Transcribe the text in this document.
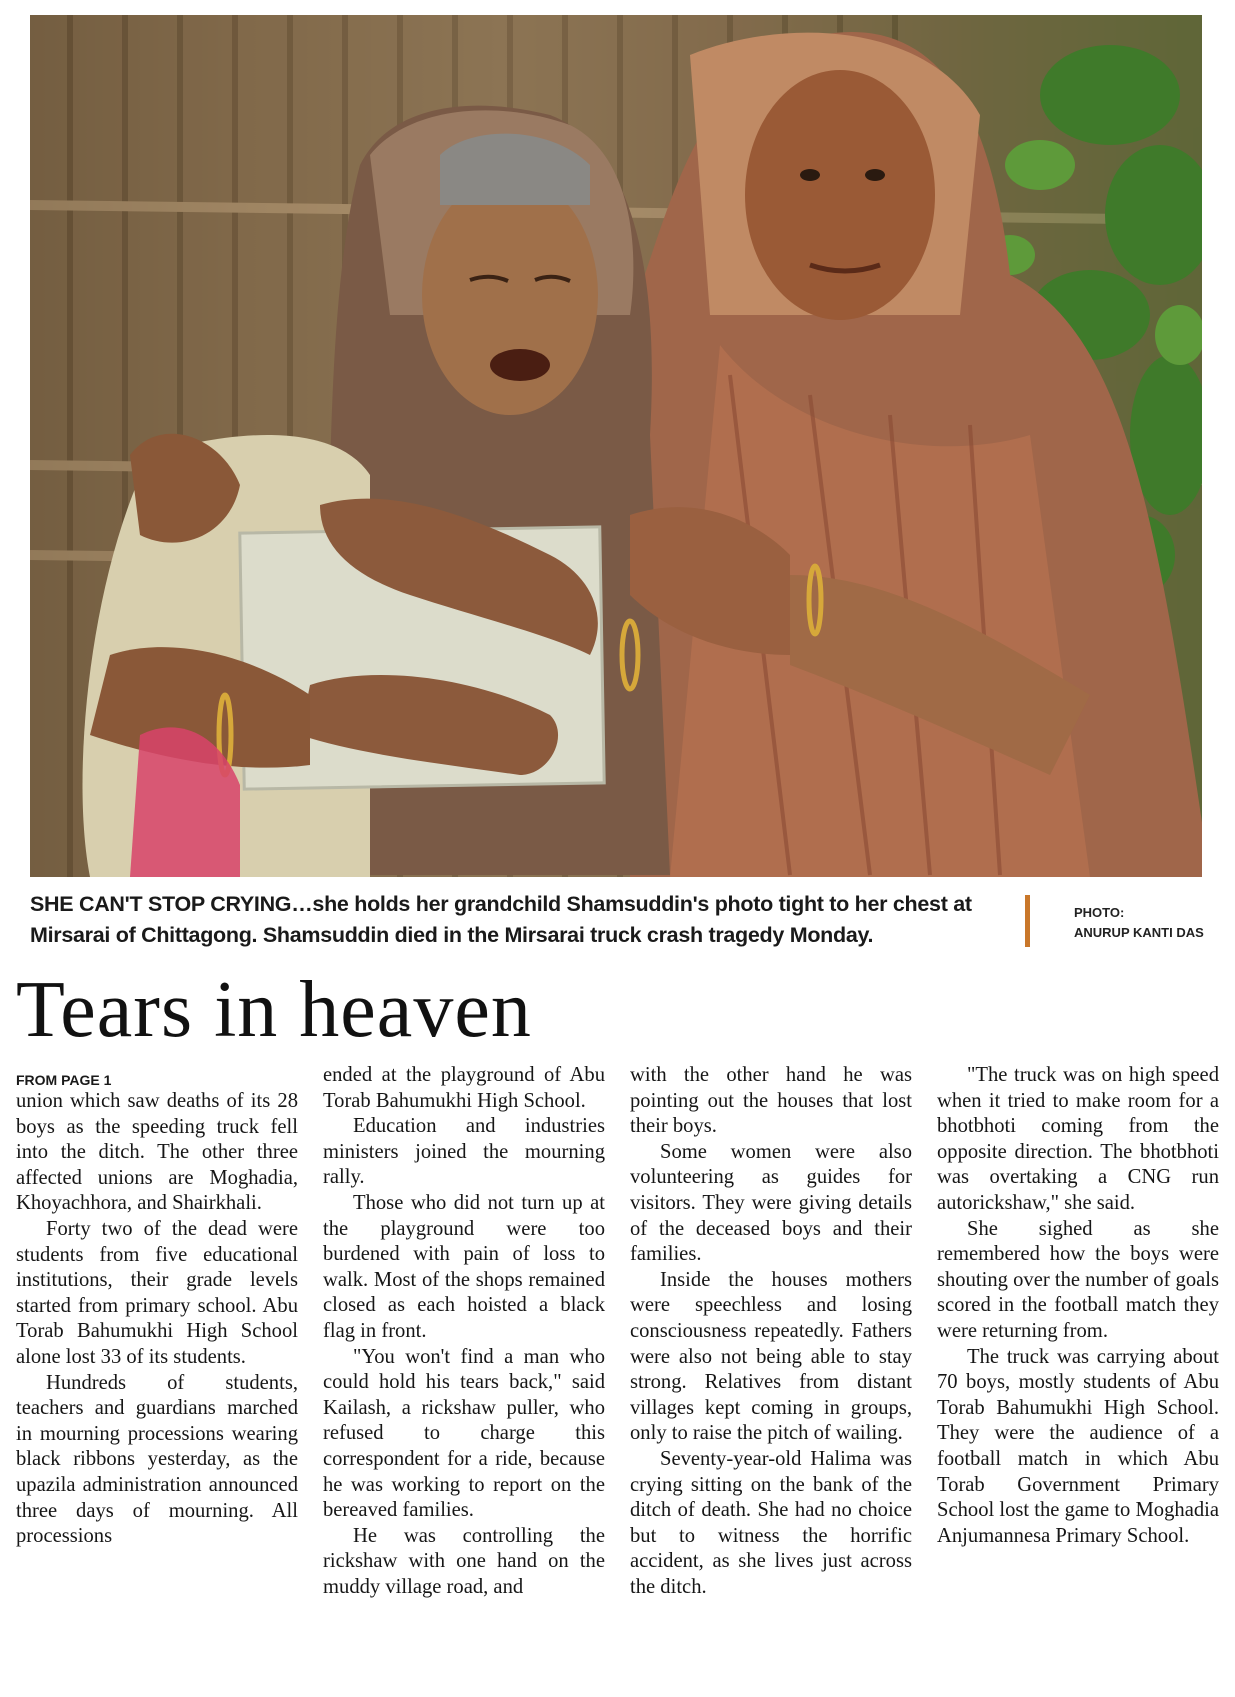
SHE CAN'T STOP CRYING…she holds her grandchild Shamsuddin's photo tight to her chest at Mirsarai of Chittagong. Shamsuddin died in the Mirsarai truck crash tragedy Monday.
PHOTO:
ANURUP KANTI DAS
Tears in heaven
FROM PAGE 1

union which saw deaths of its 28 boys as the speeding truck fell into the ditch. The other three affected unions are Moghadia, Khoyachhora, and Shairkhali.

Forty two of the dead were students from five educational institutions, their grade levels started from primary school. Abu Torab Bahumukhi High School alone lost 33 of its students.

Hundreds of students, teachers and guardians marched in mourning processions wearing black ribbons yesterday, as the upazila administration announced three days of mourning. All processions

ended at the playground of Abu Torab Bahumukhi High School.

Education and industries ministers joined the mourning rally.

Those who did not turn up at the playground were too burdened with pain of loss to walk. Most of the shops remained closed as each hoisted a black flag in front.

"You won't find a man who could hold his tears back," said Kailash, a rickshaw puller, who refused to charge this correspondent for a ride, because he was working to report on the bereaved families.

He was controlling the rickshaw with one hand on the muddy village road, and

with the other hand he was pointing out the houses that lost their boys.

Some women were also volunteering as guides for visitors. They were giving details of the deceased boys and their families.

Inside the houses mothers were speechless and losing consciousness repeatedly. Fathers were also not being able to stay strong. Relatives from distant villages kept coming in groups, only to raise the pitch of wailing.

Seventy-year-old Halima was crying sitting on the bank of the ditch of death. She had no choice but to witness the horrific accident, as she lives just across the ditch.

"The truck was on high speed when it tried to make room for a bhotbhoti coming from the opposite direction. The bhotbhoti was overtaking a CNG run autorickshaw," she said.

She sighed as she remembered how the boys were shouting over the number of goals scored in the football match they were returning from.

The truck was carrying about 70 boys, mostly students of Abu Torab Bahumukhi High School. They were the audience of a football match in which Abu Torab Government Primary School lost the game to Moghadia Anjumannesa Primary School.
